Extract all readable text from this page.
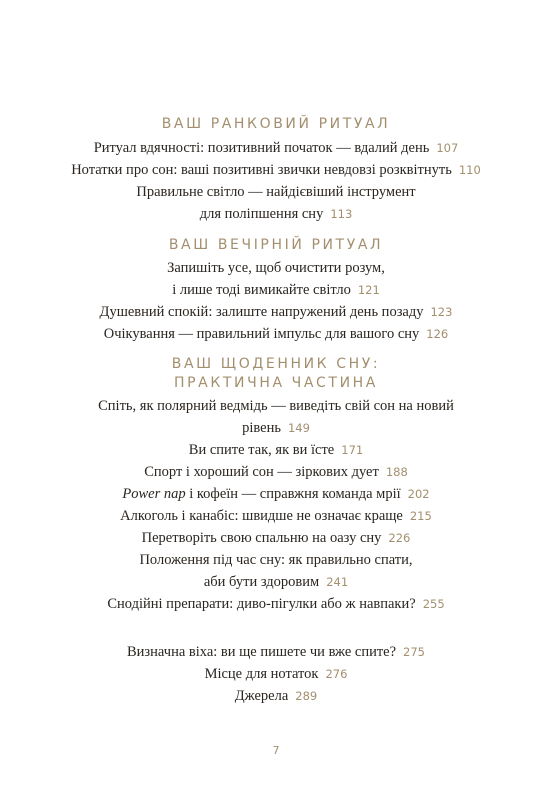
ВАШ РАНКОВИЙ РИТУАЛ
Ритуал вдячності: позитивний початок — вдалий день 107
Нотатки про сон: ваші позитивні звички невдовзі розквітнуть 110
Правильне світло — найдієвіший інструмент
для поліпшення сну 113
ВАШ ВЕЧІРНІЙ РИТУАЛ
Запишіть усе, щоб очистити розум,
і лише тоді вимикайте світло 121
Душевний спокій: залиште напружений день позаду 123
Очікування — правильний імпульс для вашого сну 126
ВАШ ЩОДЕННИК СНУ:
ПРАКТИЧНА ЧАСТИНА
Спіть, як полярний ведмідь — виведіть свій сон на новий
рівень 149
Ви спите так, як ви їсте 171
Спорт і хороший сон — зіркових дует 188
Power nap і кофеїн — справжня команда мрії 202
Алкоголь і канабіс: швидше не означає краще 215
Перетворіть свою спальню на оазу сну 226
Положення під час сну: як правильно спати,
аби бути здоровим 241
Снодійні препарати: диво-пігулки або ж навпаки? 255
Визначна віха: ви ще пишете чи вже спите? 275
Місце для нотаток 276
Джерела 289
7
